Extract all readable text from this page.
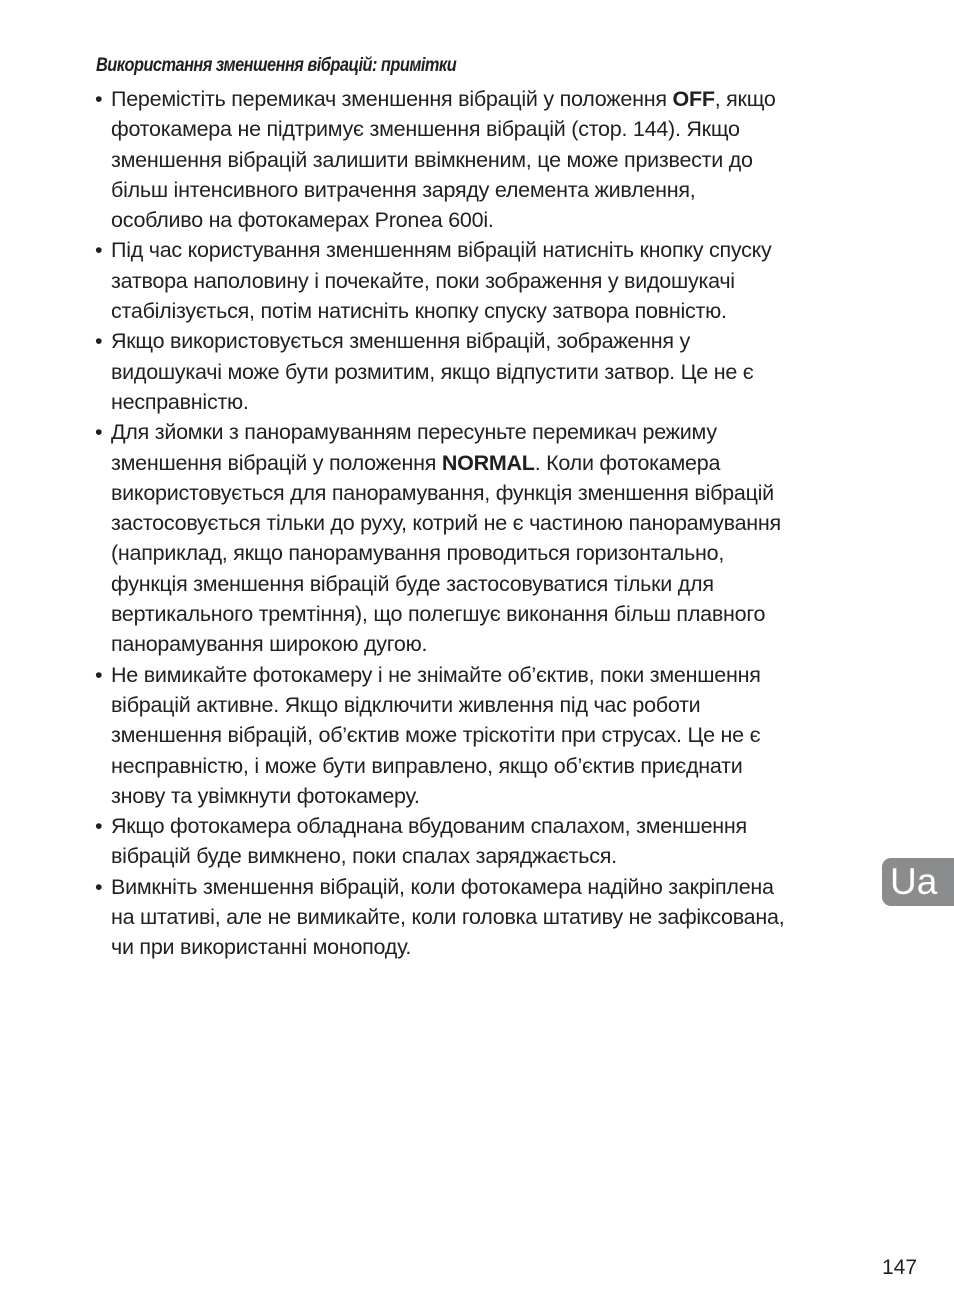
Використання зменшення вібрацій: примітки
• Перемістіть перемикач зменшення вібрацій у положення OFF, якщо
фотокамера не підтримує зменшення вібрацій (стор. 144). Якщо
зменшення вібрацій залишити ввімкненим, це може призвести до
більш інтенсивного витрачення заряду елемента живлення,
особливо на фотокамерах Pronea 600i.
• Під час користування зменшенням вібрацій натисніть кнопку спуску
затвора наполовину і почекайте, поки зображення у видошукачі
стабілізується, потім натисніть кнопку спуску затвора повністю.
• Якщо використовується зменшення вібрацій, зображення у
видошукачі може бути розмитим, якщо відпустити затвор. Це не є
несправністю.
• Для зйомки з панорамуванням пересуньте перемикач режиму
зменшення вібрацій у положення NORMAL. Коли фотокамера
використовується для панорамування, функція зменшення вібрацій
застосовується тільки до руху, котрий не є частиною панорамування
(наприклад, якщо панорамування проводиться горизонтально,
функція зменшення вібрацій буде застосовуватися тільки для
вертикального тремтіння), що полегшує виконання більш плавного
панорамування широкою дугою.
• Не вимикайте фотокамеру і не знімайте об’єктив, поки зменшення
вібрацій активне. Якщо відключити живлення під час роботи
зменшення вібрацій, об’єктив може тріскотіти при струсах. Це не є
несправністю, і може бути виправлено, якщо об’єктив приєднати
знову та увімкнути фотокамеру.
• Якщо фотокамера обладнана вбудованим спалахом, зменшення
вібрацій буде вимкнено, поки спалах заряджається.
• Вимкніть зменшення вібрацій, коли фотокамера надійно закріплена
на штативі, але не вимикайте, коли головка штативу не зафіксована,
чи при використанні моноподу.
Ua
147
